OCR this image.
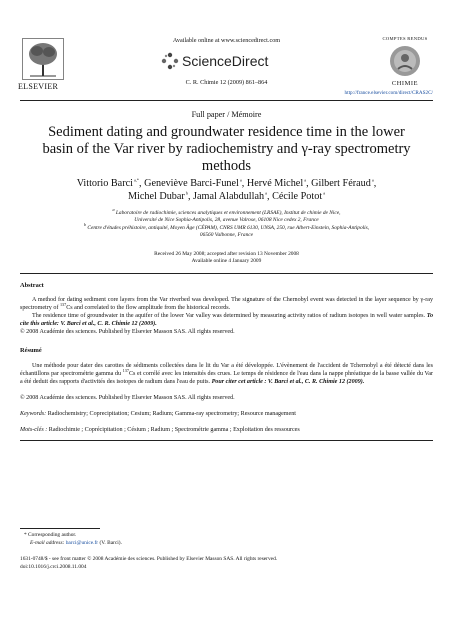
Available online at www.sciencedirect.com
ScienceDirect
C. R. Chimie 12 (2009) 861–864
ELSEVIER
COMPTES RENDUS
CHIMIE
http://france.elsevier.com/direct/CRAS2C/
Full paper / Mémoire
Sediment dating and groundwater residence time in the lower
basin of the Var river by radiochemistry and γ-ray spectrometry
methods
Vittorio Barci $^{a,*}$, Geneviève Barci-Funel $^a$, Hervé Michel $^a$, Gilbert Féraud $^a$,
Michel Dubar $^b$, Jamal Alabdullah $^a$, Cécile Potot $^a$
$^a$ Laboratoire de radiochimie, sciences analytiques et environnement (LRSAE), Institut de chimie de Nice,
Université de Nice Sophia-Antipolis, 28, avenue Valrose, 06108 Nice cedex 2, France
$^b$ Centre d'études préhistoire, antiquité, Moyen Âge (CÉPAM), CNRS UMR 6130, UNSA, 250, rue Albert-Einstein, Sophia-Antipolis,
06560 Valbonne, France
Received 26 May 2008; accepted after revision 13 November 2008
Available online 4 January 2009
Abstract
A method for dating sediment core layers from the Var riverbed was developed. The signature of the Chernobyl event was detected in the layer sequence by γ-ray spectrometry of $^{137}$Cs and correlated to the flow amplitude from the historical records.
The residence time of groundwater in the aquifer of the lower Var valley was determined by measuring activity ratios of radium isotopes in well water samples. To cite this article: V. Barci et al., C. R. Chimie 12 (2009).
© 2008 Académie des sciences. Published by Elsevier Masson SAS. All rights reserved.
Résumé
Une méthode pour dater des carottes de sédiments collectées dans le lit du Var a été développée. L'évènement de l'accident de Tchernobyl a été détecté dans les échantillons par spectrométrie gamma du $^{137}$Cs et corrélé avec les intensités des crues. Le temps de résidence de l'eau dans la nappe phréatique de la basse vallée du Var a été deduit des rapports d'activités des isotopes de radium dans l'eau de puits. Pour citer cet article : V. Barci et al., C. R. Chimie 12 (2009).
© 2008 Académie des sciences. Published by Elsevier Masson SAS. All rights reserved.
Keywords: Radiochemistry; Coprecipitation; Cesium; Radium; Gamma-ray spectrometry; Resource management
Mots-clés : Radiochimie ; Coprécipitation ; Césium ; Radium ; Spectrométrie gamma ; Exploitation des ressources
* Corresponding author.
E-mail address: barci@unice.fr (V. Barci).
1631-0748/$ - see front matter © 2008 Académie des sciences. Published by Elsevier Masson SAS. All rights reserved.
doi:10.1016/j.crci.2008.11.004
